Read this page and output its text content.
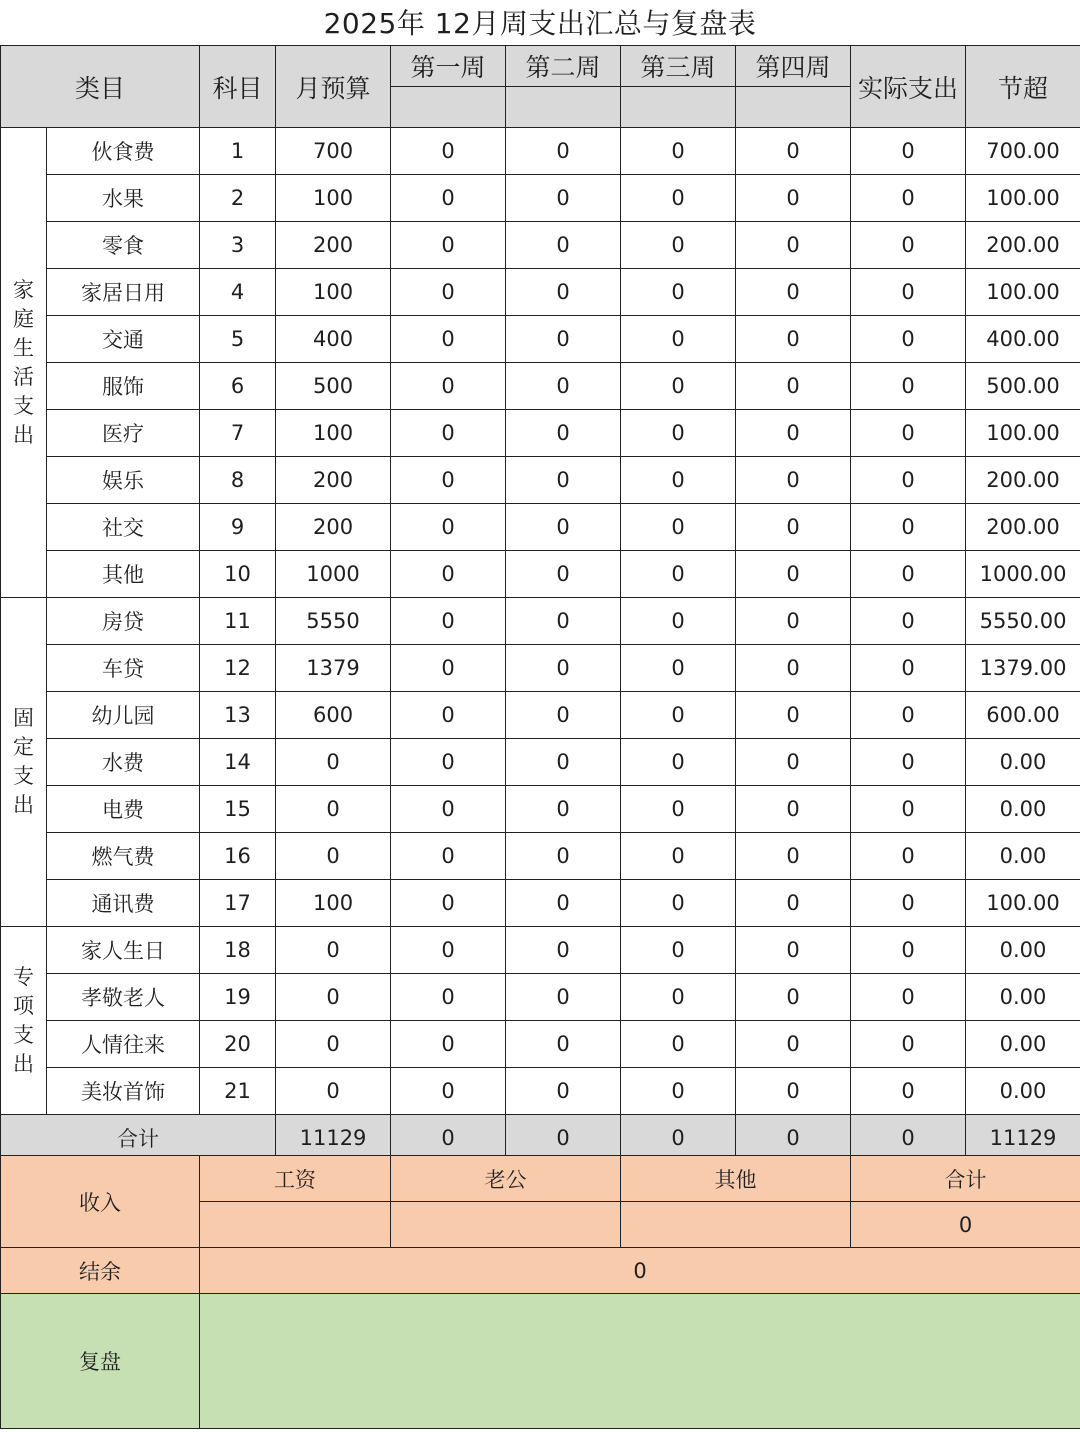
2025年 12月周支出汇总与复盘表
类目		科目	月预算	第一周	第二周	第三周	第四周	实际支出	节超

家庭生活支出	伙食费	1	700	0	0	0	0	0	700.00
	水果	2	100	0	0	0	0	0	100.00
	零食	3	200	0	0	0	0	0	200.00
	家居日用	4	100	0	0	0	0	0	100.00
	交通	5	400	0	0	0	0	0	400.00
	服饰	6	500	0	0	0	0	0	500.00
	医疗	7	100	0	0	0	0	0	100.00
	娱乐	8	200	0	0	0	0	0	200.00
	社交	9	200	0	0	0	0	0	200.00
	其他	10	1000	0	0	0	0	0	1000.00
固定支出	房贷	11	5550	0	0	0	0	0	5550.00
	车贷	12	1379	0	0	0	0	0	1379.00
	幼儿园	13	600	0	0	0	0	0	600.00
	水费	14	0	0	0	0	0	0	0.00
	电费	15	0	0	0	0	0	0	0.00
	燃气费	16	0	0	0	0	0	0	0.00
	通讯费	17	100	0	0	0	0	0	100.00
专项支出	家人生日	18	0	0	0	0	0	0	0.00
	孝敬老人	19	0	0	0	0	0	0	0.00
	人情往来	20	0	0	0	0	0	0	0.00
	美妆首饰	21	0	0	0	0	0	0	0.00
合计			11129	0	0	0	0	0	11129
收入	工资	老公	其他	合计
				0
结余	0			
复盘				
